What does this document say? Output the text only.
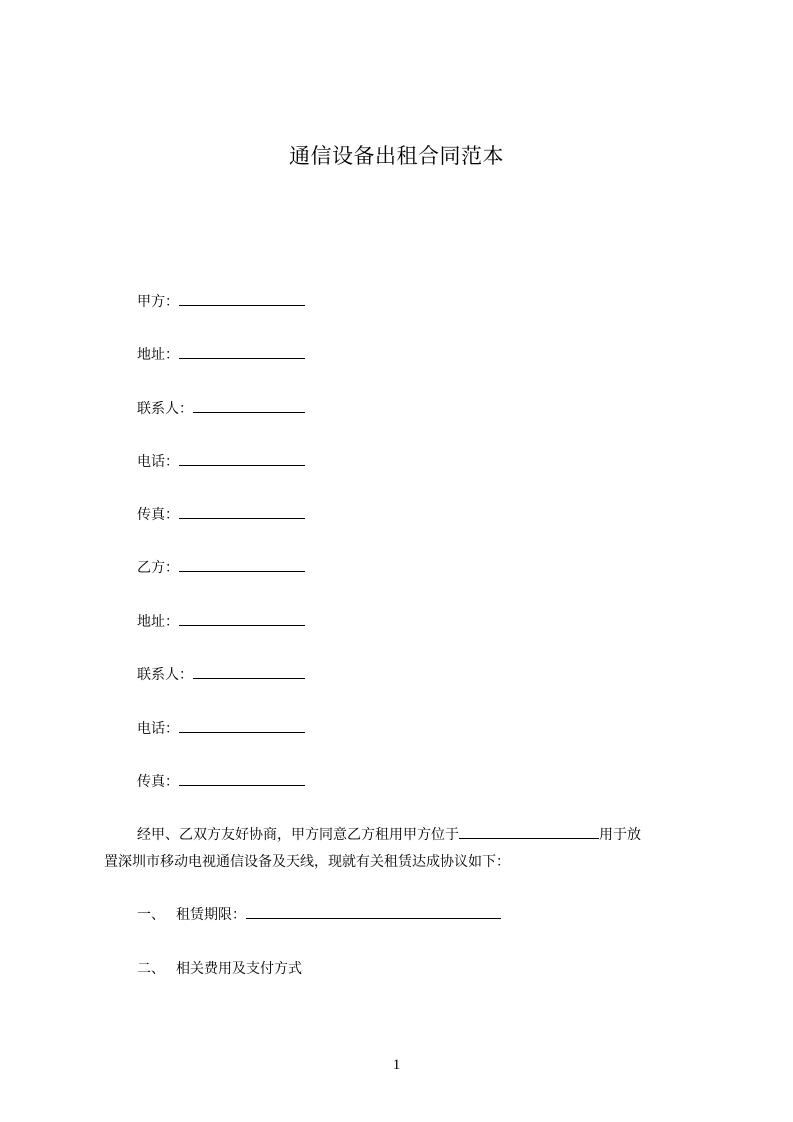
通信设备出租合同范本
甲方：
地址：
联系人：
电话：
传真：
乙方：
地址：
联系人：
电话：
传真：
经甲、乙双方友好协商，甲方同意乙方租用甲方位于	用于放
置深圳市移动电视通信设备及天线，现就有关租赁达成协议如下：
一、 租赁期限：
二、 相关费用及支付方式
1
